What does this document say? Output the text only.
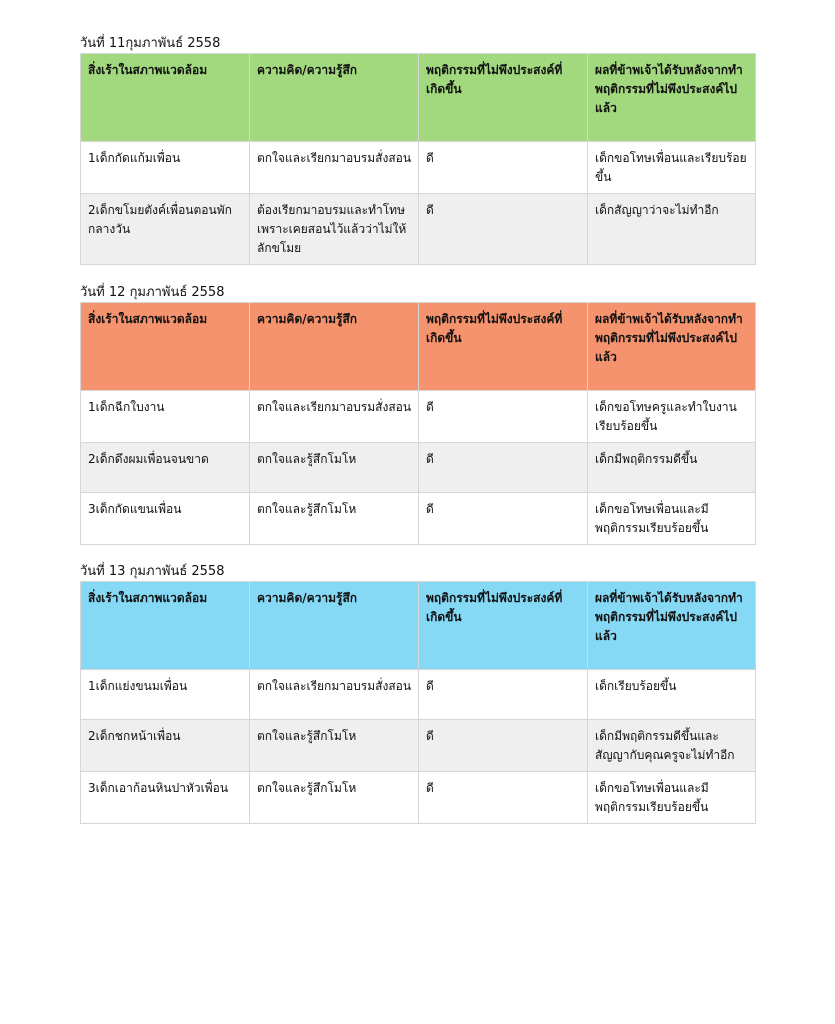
วันที่ 11กุมภาพันธ์ 2558

สิ่งเร้าในสภาพแวดล้อม	ความคิด/ความรู้สึก	พฤติกรรมที่ไม่พึงประสงค์ที่เกิดขึ้น	ผลที่ข้าพเจ้าได้รับหลังจากทำพฤติกรรมที่ไม่พึงประสงค์ไปแล้ว
1เด็กกัดแก้มเพื่อน	ตกใจและเรียกมาอบรมสั่งสอน	ดี	เด็กขอโทษเพื่อนและเรียบร้อยขึ้น
2เด็กขโมยตังค์เพื่อนตอนพักกลางวัน	ต้องเรียกมาอบรมและทำโทษเพราะเคยสอนไว้แล้วว่าไม่ให้ลักขโมย	ดี	เด็กสัญญาว่าจะไม่ทำอีก

วันที่ 12 กุมภาพันธ์ 2558

สิ่งเร้าในสภาพแวดล้อม	ความคิด/ความรู้สึก	พฤติกรรมที่ไม่พึงประสงค์ที่เกิดขึ้น	ผลที่ข้าพเจ้าได้รับหลังจากทำพฤติกรรมที่ไม่พึงประสงค์ไปแล้ว
1เด็กฉีกใบงาน	ตกใจและเรียกมาอบรมสั่งสอน	ดี	เด็กขอโทษครูและทำใบงานเรียบร้อยขึ้น
2เด็กดึงผมเพื่อนจนขาด	ตกใจและรู้สึกโมโห	ดี	เด็กมีพฤติกรรมดีขึ้น
3เด็กกัดแขนเพื่อน	ตกใจและรู้สึกโมโห	ดี	เด็กขอโทษเพื่อนและมีพฤติกรรมเรียบร้อยขึ้น

วันที่ 13 กุมภาพันธ์ 2558

สิ่งเร้าในสภาพแวดล้อม	ความคิด/ความรู้สึก	พฤติกรรมที่ไม่พึงประสงค์ที่เกิดขึ้น	ผลที่ข้าพเจ้าได้รับหลังจากทำพฤติกรรมที่ไม่พึงประสงค์ไปแล้ว
1เด็กแย่งขนมเพื่อน	ตกใจและเรียกมาอบรมสั่งสอน	ดี	เด็กเรียบร้อยขึ้น
2เด็กชกหน้าเพื่อน	ตกใจและรู้สึกโมโห	ดี	เด็กมีพฤติกรรมดีขึ้นและสัญญากับคุณครูจะไม่ทำอีก
3เด็กเอาก้อนหินปาหัวเพื่อน	ตกใจและรู้สึกโมโห	ดี	เด็กขอโทษเพื่อนและมีพฤติกรรมเรียบร้อยขึ้น
